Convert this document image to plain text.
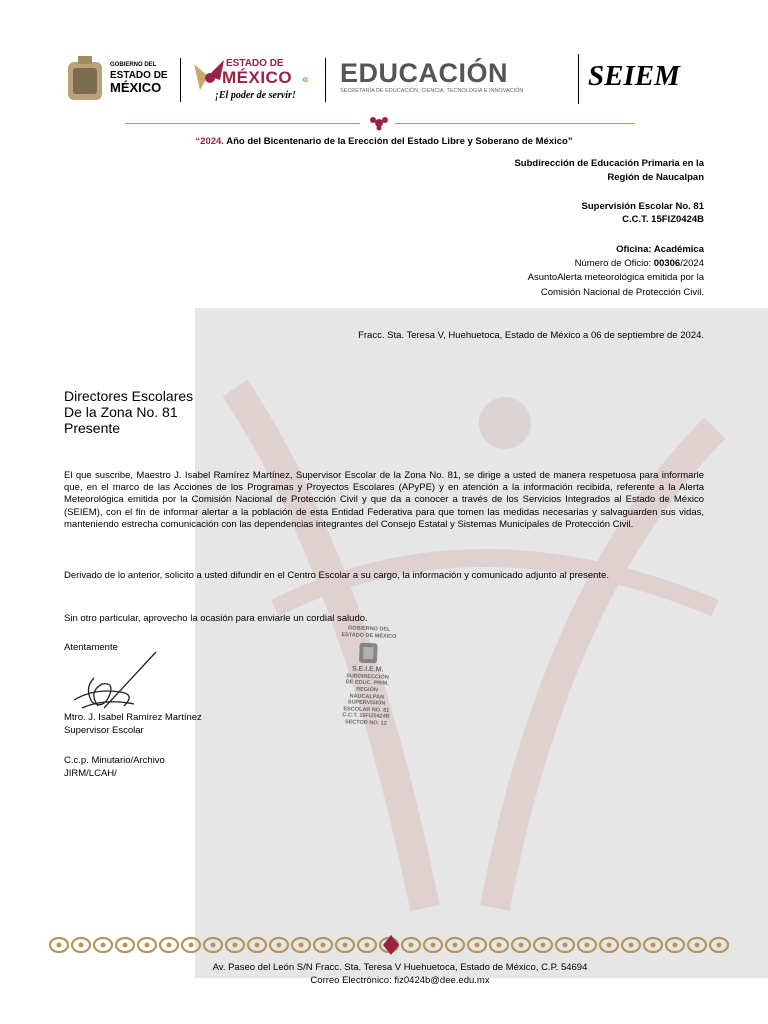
GOBIERNO DEL
ESTADO DE
MÉXICO
ESTADO DE
MÉXICO «
¡El poder de servir!
EDUCACIÓN
SECRETARÍA DE EDUCACIÓN, CIENCIA, TECNOLOGÍA E INNOVACIÓN SEIEM
“2024. Año del Bicentenario de la Erección del Estado Libre y Soberano de México”
Subdirección de Educación Primaria en la
Región de Naucalpan
Supervisión Escolar No. 81
C.C.T. 15FIZ0424B
Oficina: Académica
Número de Oficio: 00306/2024
AsuntoAlerta meteorológica emitida por la
Comisión Nacional de Protección Civil.
Fracc. Sta. Teresa V, Huehuetoca, Estado de México a 06 de septiembre de 2024.
Directores Escolares
De la Zona No. 81
Presente
El que suscribe, Maestro J. Isabel Ramírez Martínez, Supervisor Escolar de la Zona No. 81, se dirige a usted de manera respetuosa para informarle que, en el marco de las Acciones de los Programas y Proyectos Escolares (APyPE) y en atención a la información recibida, referente a la Alerta Meteorológica emitida por la Comisión Nacional de Protección Civil y que da a conocer a través de los Servicios Integrados al Estado de México (SEIEM), con el fin de informar alertar a la población de esta Entidad Federativa para que tomen las medidas necesarias y salvaguarden sus vidas, manteniendo estrecha comunicación con las dependencias integrantes del Consejo Estatal y Sistemas Municipales de Protección Civil.
Derivado de lo anterior, solicito a usted difundir en el Centro Escolar a su cargo, la información y comunicado adjunto al presente.
Sin otro particular, aprovecho la ocasión para enviarle un cordial saludo.
Atentamente
Mtro. J. Isabel Ramírez Martínez
Supervisor Escolar
C.c.p. Minutario/Archivo
JIRM/LCAH/
GOBIERNO DEL
ESTADO DE MÉXICO
S.E.I.E.M.
SUBDIRECCIÓN
DE EDUC. PRIM.
REGIÓN
NAUCALPAN
SUPERVISIÓN
ESCOLAR NO. 81
C.C.T. 15FIZ0424B
SECTOR NO. 12
Av. Paseo del León S/N Fracc. Sta. Teresa V Huehuetoca, Estado de México, C.P. 54694
Correo Electrónico: fiz0424b@dee.edu.mx
